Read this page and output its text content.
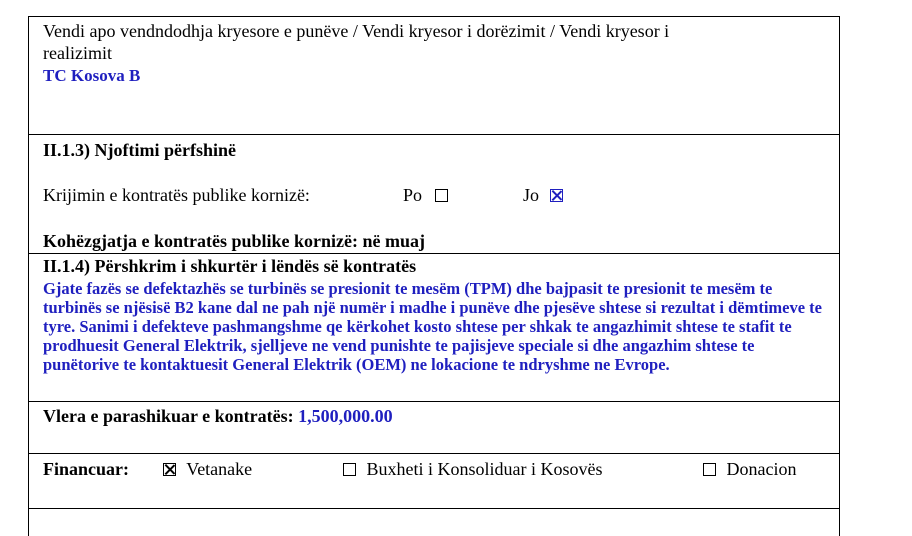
Vendi apo vendndodhja kryesore e punëve / Vendi kryesor i dorëzimit / Vendi kryesor i
realizimit
TC Kosova B
II.1.3) Njoftimi përfshinë
Krijimin e kontratës publike kornizë:	Po	Jo
Kohëzgjatja e kontratës publike kornizë: në muaj
II.1.4) Përshkrim i shkurtër i lëndës së kontratës
Gjate fazës se defektazhës se turbinës se presionit te mesëm (TPM) dhe bajpasit te presionit te mesëm te turbinës se njësisë B2 kane dal ne pah një numër i madhe i punëve dhe pjesëve shtese si rezultat i dëmtimeve te tyre. Sanimi i defekteve pashmangshme qe kërkohet kosto shtese per shkak te angazhimit shtese te stafit te prodhuesit General Elektrik, sjelljeve ne vend punishte te pajisjeve speciale si dhe angazhim shtese te punëtorive te kontaktuesit General Elektrik (OEM) ne lokacione te ndryshme ne Evrope.
Vlera e parashikuar e kontratës: 1,500,000.00
Financuar:	Vetanake	Buxheti i Konsoliduar i Kosovës	Donacion
